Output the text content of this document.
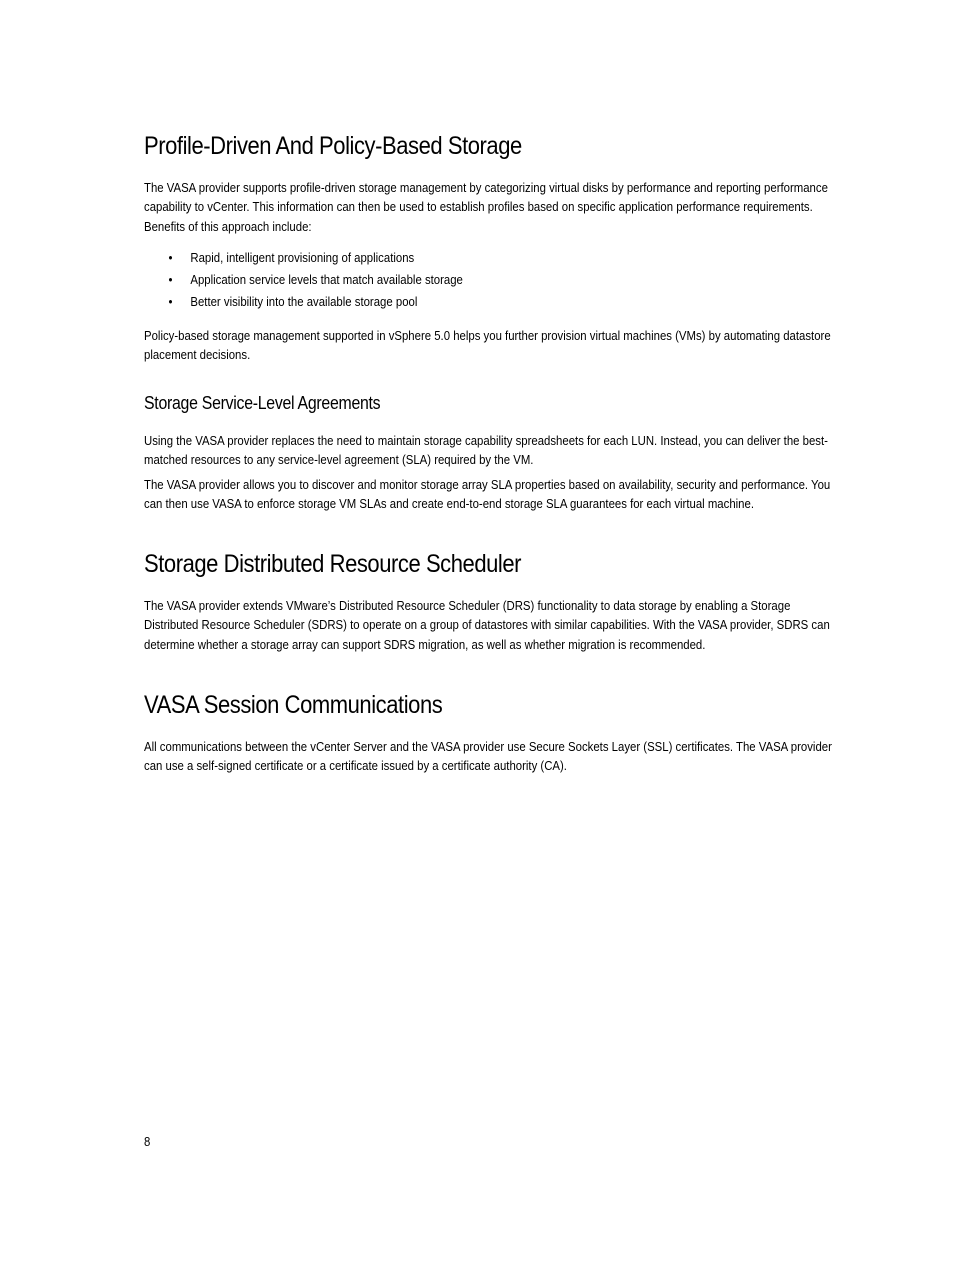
Profile-Driven And Policy-Based Storage

The VASA provider supports profile-driven storage management by categorizing virtual disks by performance and reporting performance capability to vCenter. This information can then be used to establish profiles based on specific application performance requirements. Benefits of this approach include:

• Rapid, intelligent provisioning of applications
• Application service levels that match available storage
• Better visibility into the available storage pool

Policy-based storage management supported in vSphere 5.0 helps you further provision virtual machines (VMs) by automating datastore placement decisions.

Storage Service-Level Agreements

Using the VASA provider replaces the need to maintain storage capability spreadsheets for each LUN. Instead, you can deliver the best-matched resources to any service-level agreement (SLA) required by the VM.

The VASA provider allows you to discover and monitor storage array SLA properties based on availability, security and performance. You can then use VASA to enforce storage VM SLAs and create end-to-end storage SLA guarantees for each virtual machine.

Storage Distributed Resource Scheduler

The VASA provider extends VMware’s Distributed Resource Scheduler (DRS) functionality to data storage by enabling a Storage Distributed Resource Scheduler (SDRS) to operate on a group of datastores with similar capabilities. With the VASA provider, SDRS can determine whether a storage array can support SDRS migration, as well as whether migration is recommended.

VASA Session Communications

All communications between the vCenter Server and the VASA provider use Secure Sockets Layer (SSL) certificates. The VASA provider can use a self-signed certificate or a certificate issued by a certificate authority (CA).

8
